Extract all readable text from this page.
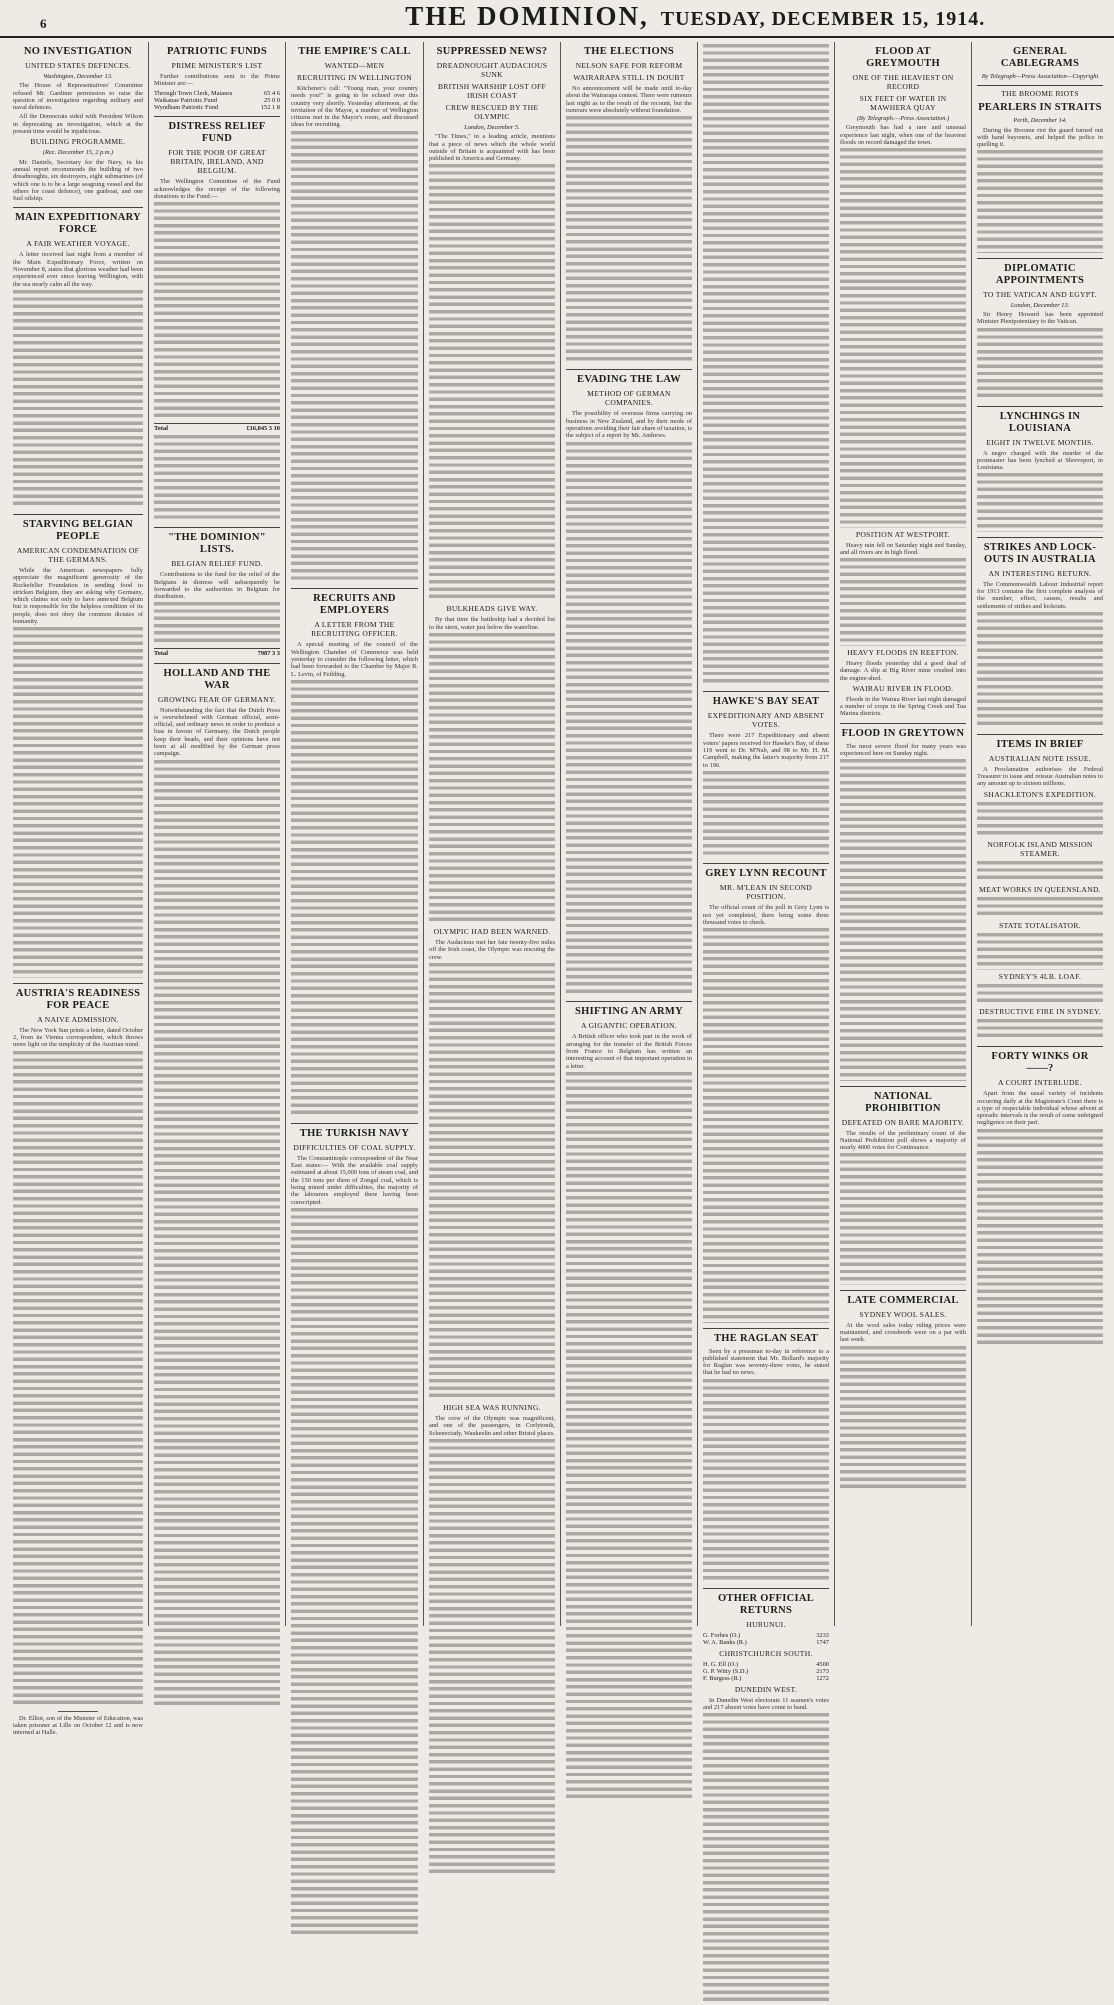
6	THE DOMINION, TUESDAY, DECEMBER 15, 1914.
NO INVESTIGATION
UNITED STATES DEFENCES.
Washington, December 13.

The House of Representatives' Committee refused Mr. Gardiner permission to raise the question of investigation regarding military and naval defences.

All the Democrats sided with President Wilson in deprecating an investigation, which at the present time would be injudicious.

BUILDING PROGRAMME.
(Rec. December 15, 2 p.m.)

Mr. Daniels, Secretary for the Navy, in his annual report recommends the building of two dreadnoughts, six destroyers, eight submarines (of which one is to be a large seagoing vessel and the others for coast defence), one gunboat, and one fuel oilship.

MAIN EXPEDITIONARY FORCE
A FAIR WEATHER VOYAGE.

A letter received last night from a member of the Main Expeditionary Force, written on November 8, states that glorious weather had been experienced ever since leaving Wellington, with the sea nearly calm all the way.

STARVING BELGIAN PEOPLE
AMERICAN CONDEMNATION OF THE GERMANS.

While the American newspapers fully appreciate the magnificent generosity of the Rockefeller Foundation in sending food to stricken Belgium, they are asking why Germany, which claims not only to have annexed Belgium but is responsible for the helpless condition of its people, does not obey the common dictates of humanity.

AUSTRIA'S READINESS FOR PEACE
A NAIVE ADMISSION.

The New York Sun prints a letter, dated October 2, from its Vienna correspondent, which throws more light on the simplicity of the Austrian mind.

Dr. Elliot, son of the Minister of Education, was taken prisoner at Lille on October 12 and is now interned at Halle.

PATRIOTIC FUNDS
PRIME MINISTER'S LIST

Further contributions sent to the Prime Minister are:—

Through Town Clerk, Mataura	65 4 6
Waikanae Patriotic Fund	25 0 0
Wyndham Patriotic Fund	152 1 8
DISTRESS RELIEF FUND
FOR THE POOR OF GREAT BRITAIN, IRELAND, AND BELGIUM.

The Wellington Committee of the Fund acknowledges the receipt of the following donations to the Fund:—

Total	£16,045 3 10
"THE DOMINION" LISTS.
BELGIAN RELIEF FUND.

Contributions to the fund for the relief of the Belgians in distress will subsequently be forwarded to the authorities in Belgium for distribution.

Total	7987 3 3
HOLLAND AND THE WAR
GROWING FEAR OF GERMANY.

Notwithstanding the fact that the Dutch Press is overwhelmed with German official, semi-official, and ordinary news in order to produce a bias in favour of Germany, the Dutch people keep their heads, and their opinions have not been at all modified by the German press campaign.

THE EMPIRE'S CALL
WANTED—MEN
RECRUITING IN WELLINGTON

Kitchener's call: "Young man, your country needs you!" is going to be echoed over this country very shortly. Yesterday afternoon, at the invitation of the Mayor, a number of Wellington citizens met in the Mayor's room, and discussed ideas for recruiting.

RECRUITS AND EMPLOYERS
A LETTER FROM THE RECRUITING OFFICER.

A special meeting of the council of the Wellington Chamber of Commerce was held yesterday to consider the following letter, which had been forwarded to the Chamber by Major R. L. Levin, of Feilding.

THE TURKISH NAVY
DIFFICULTIES OF COAL SUPPLY.

The Constantinople correspondent of the Near East states:— With the available coal supply estimated at about 15,000 tons of steam coal, and the 150 tons per diem of Zongul coal, which is being mined under difficulties, the majority of the labourers employed there having been conscripted.

SUPPRESSED NEWS?
DREADNOUGHT AUDACIOUS SUNK
BRITISH WARSHIP LOST OFF IRISH COAST
CREW RESCUED BY THE OLYMPIC
London, December 5.

"The Times," in a leading article, mentions that a piece of news which the whole world outside of Britain is acquainted with has been published in America and Germany.

BULKHEADS GIVE WAY.

By that time the battleship had a decided list to the stern, water just below the waterline.

OLYMPIC HAD BEEN WARNED.

The Audacious met her fate twenty-five miles off the Irish coast, the Olympic was rescuing the crew.

HIGH SEA WAS RUNNING.

The crew of the Olympic was magnificent, and one of the passengers, in Corlytonik, Schenectady, Waukeelin and other Bristol places.

THE ELECTIONS
NELSON SAFE FOR REFORM
WAIRARAPA STILL IN DOUBT

No announcement will be made until to-day about the Wairarapa contest. There were rumours last night as to the result of the recount, but the rumours were absolutely without foundation.

EVADING THE LAW
METHOD OF GERMAN COMPANIES.

The possibility of overseas firms carrying on business in New Zealand, and by their mode of operations avoiding their fair share of taxation, is the subject of a report by Mr. Andrews.

SHIFTING AN ARMY
A GIGANTIC OPERATION.

A British officer who took part in the work of arranging for the transfer of the British Forces from France to Belgium has written an interesting account of that important operation in a letter.

HAWKE'S BAY SEAT
EXPEDITIONARY AND ABSENT VOTES.

There were 217 Expeditionary and absent voters' papers received for Hawke's Bay, of these 119 went to Dr. M'Nab, and 98 to Mr. H. M. Campbell, making the latter's majority from 217 to 196.

GREY LYNN RECOUNT
MR. M'LEAN IN SECOND POSITION.

The official count of the poll in Grey Lynn is not yet completed, there being some three thousand votes to check.

THE RAGLAN SEAT

Seen by a pressman to-day in reference to a published statement that Mr. Bollard's majority for Raglan was seventy-three votes, he stated that he had no news.

OTHER OFFICIAL RETURNS
HURUNUI.
G. Forbes (O.)	3233
W. A. Banks (R.)	1747
CHRISTCHURCH SOUTH.
H. G. Ell (O.)	4500
G. P. Witty (S.D.)	2173
F. Burgess (R.)	1272
DUNEDIN WEST.

In Dunedin West electorate 11 seamen's votes and 217 absent votes have come to hand.

FLOOD AT GREYMOUTH
ONE OF THE HEAVIEST ON RECORD
SIX FEET OF WATER IN MAWHERA QUAY
(By Telegraph.—Press Association.)

Greymouth has had a rare and unusual experience last night, when one of the heaviest floods on record damaged the town.

POSITION AT WESTPORT.

Heavy rain fell on Saturday night and Sunday, and all rivers are in high flood.

HEAVY FLOODS IN REEFTON.

Heavy floods yesterday did a good deal of damage. A slip at Big River mine crushed into the engine-shed.

WAIRAU RIVER IN FLOOD.

Floods in the Wairau River last night damaged a number of crops in the Spring Creek and Tua Marina districts.

FLOOD IN GREYTOWN

The most severe flood for many years was experienced here on Sunday night.

NATIONAL PROHIBITION
DEFEATED ON BARE MAJORITY.

The results of the preliminary count of the National Prohibition poll shows a majority of nearly 4000 votes for Continuance.

LATE COMMERCIAL
SYDNEY WOOL SALES.

At the wool sales today ruling prices were maintained, and crossbreds were on a par with last week.

GENERAL CABLEGRAMS
By Telegraph—Press Association—Copyright
THE BROOME RIOTS
PEARLERS IN STRAITS
Perth, December 14.

During the Broome riot the guard turned out with hand bayonets, and helped the police in quelling it.

DIPLOMATIC APPOINTMENTS
TO THE VATICAN AND EGYPT.
London, December 13.

Sir Henry Howard has been appointed Minister Plenipotentiary to the Vatican.

LYNCHINGS IN LOUISIANA
EIGHT IN TWELVE MONTHS.

A negro charged with the murder of the postmaster has been lynched at Shreveport, in Louisiana.

STRIKES AND LOCK-OUTS IN AUSTRALIA
AN INTERESTING RETURN.

The Commonwealth Labour Industrial report for 1913 contains the first complete analysis of the number, effect, causes, results and settlements of strikes and lockouts.

ITEMS IN BRIEF
AUSTRALIAN NOTE ISSUE.

A Proclamation authorises the Federal Treasurer to issue and reissue Australian notes to any amount up to sixteen millions.

SHACKLETON'S EXPEDITION.
NORFOLK ISLAND MISSION STEAMER.
MEAT WORKS IN QUEENSLAND.
STATE TOTALISATOR.
SYDNEY'S 4LB. LOAF.
DESTRUCTIVE FIRE IN SYDNEY.
FORTY WINKS OR ——?
A COURT INTERLUDE.

Apart from the usual variety of incidents occurring daily at the Magistrate's Court there is a type of respectable individual whose advent at sporadic intervals is the result of some unfeigned negligence on their part.
